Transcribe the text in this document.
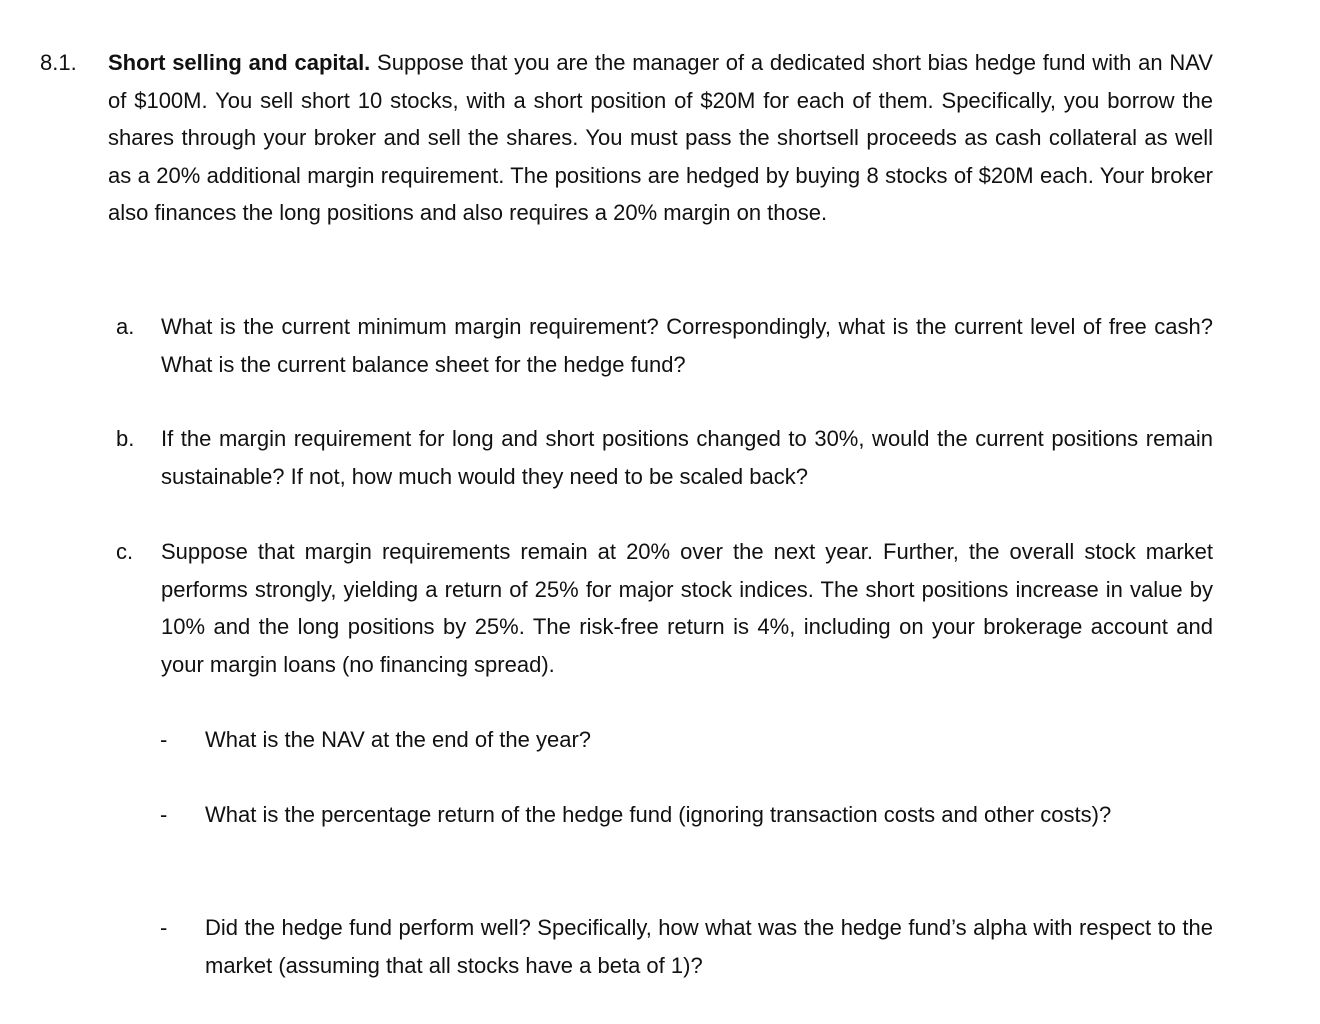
8.1. Short selling and capital. Suppose that you are the manager of a dedicated short bias hedge fund with an NAV of $100M. You sell short 10 stocks, with a short position of $20M for each of them. Specifically, you borrow the shares through your broker and sell the shares. You must pass the shortsell proceeds as cash collateral as well as a 20% additional margin requirement. The positions are hedged by buying 8 stocks of $20M each. Your broker also finances the long positions and also requires a 20% margin on those.
a. What is the current minimum margin requirement? Correspondingly, what is the current level of free cash? What is the current balance sheet for the hedge fund?
b. If the margin requirement for long and short positions changed to 30%, would the current positions remain sustainable? If not, how much would they need to be scaled back?
c. Suppose that margin requirements remain at 20% over the next year. Further, the overall stock market performs strongly, yielding a return of 25% for major stock indices. The short positions increase in value by 10% and the long positions by 25%. The risk-free return is 4%, including on your brokerage account and your margin loans (no financing spread).
- What is the NAV at the end of the year?
- What is the percentage return of the hedge fund (ignoring transaction costs and other costs)?
- Did the hedge fund perform well? Specifically, how what was the hedge fund’s alpha with respect to the market (assuming that all stocks have a beta of 1)?
